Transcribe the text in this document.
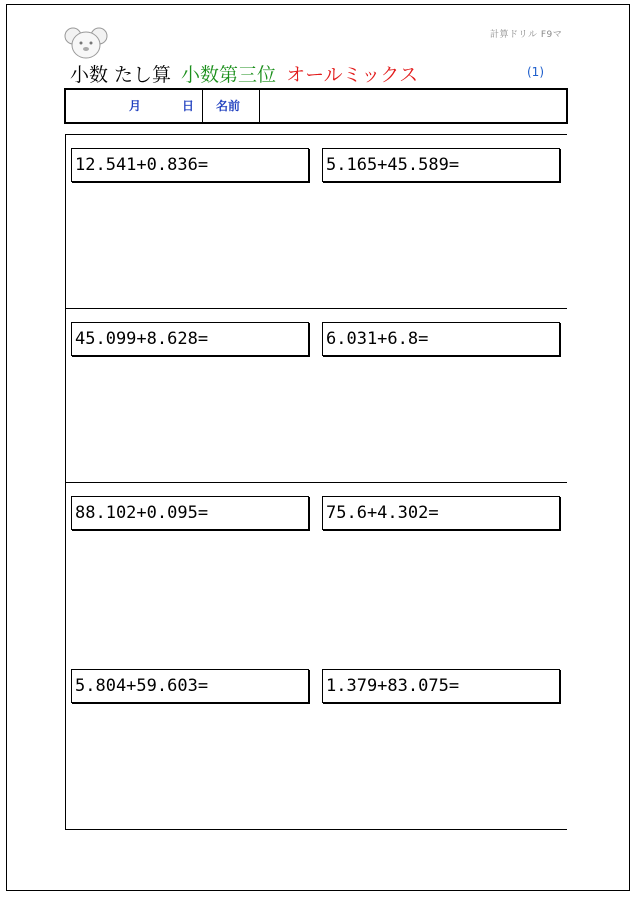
計算ドリル F9マ
小数 たし算 小数第三位 オールミックス	(1)
月	日 名前
12.541+0.836=	5.165+45.589=
45.099+8.628=	6.031+6.8=
88.102+0.095=	75.6+4.302=
5.804+59.603=	1.379+83.075=
